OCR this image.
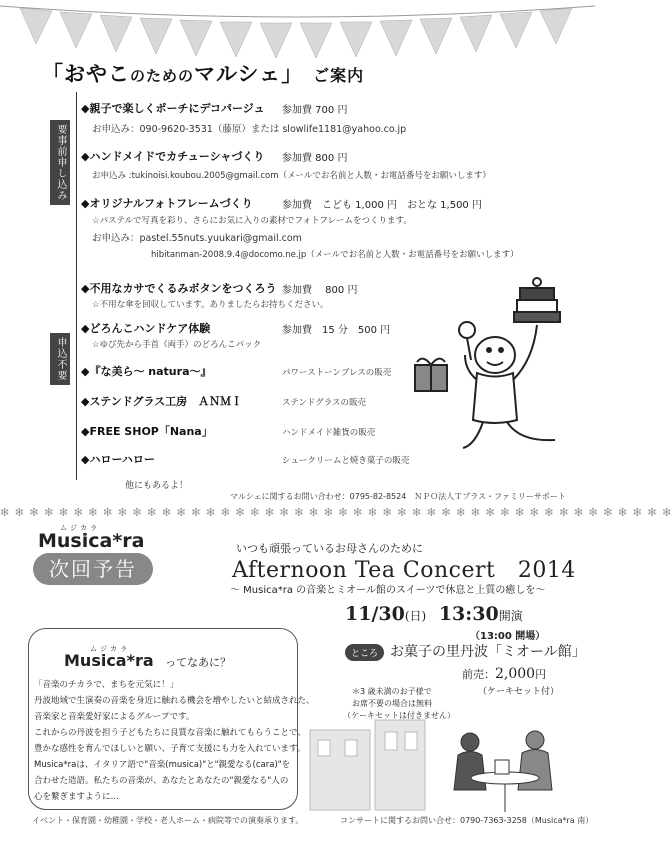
「おやこのためのマルシェ」 ご案内
要事前申し込み
申込不要
◆ 親子で楽しくポーチにデコパージュ 参加費 700 円
お申込み：090-9620-3531（藤原）または slowlife1181@yahoo.co.jp
◆ ハンドメイドでカチューシャづくり 参加費 800 円
お申込み :tukinoisi.koubou.2005@gmail.com（メールでお名前と人数・お電話番号をお願いします）
◆ オリジナルフォトフレームづくり	参加費　こども 1,000 円　おとな 1,500 円
☆パステルで写真を彩り、さらにお気に入りの素材でフォトフレームをつくります。
お申込み：pastel.55nuts.yuukari@gmail.com
hibitanman-2008.9.4@docomo.ne.jp（メールでお名前と人数・お電話番号をお願いします）
◆ 不用なカサでくるみボタンをつくろう 参加費　 800 円
☆不用な傘を回収しています。ありましたらお持ちください。
◆ どろんこハンドケア体験	参加費　15 分　500 円
☆ゆび先から手首（両手）のどろんこパック
◆ 『な美ら～ natura～』	パワーストーンブレスの販売
◆ ステンドグラス工房　ＡＮＭＩ	ステンドグラスの販売
◆ FREE SHOP「Nana」	ハンドメイド雑貨の販売
◆ ハローハロー	シュークリームと焼き菓子の販売
他にもあるよ！
マルシェに関するお問い合わせ：0795-82-8524　ＮＰＯ法人Ｔプラス・ファミリーサポート
✻ ✻ ✻ ✻ ✻ ✻ ✻ ✻ ✻ ✻ ✻ ✻ ✻ ✻ ✻ ✻ ✻ ✻ ✻ ✻ ✻ ✻ ✻ ✻ ✻ ✻ ✻ ✻ ✻ ✻ ✻ ✻ ✻ ✻ ✻ ✻ ✻ ✻ ✻ ✻ ✻ ✻ ✻ ✻ ✻ ✻
ムジカラ
Musica*ra
次回予告
いつも頑張っているお母さんのために
Afternoon Tea Concert　2014
～ Musica*ra の音楽とミオール館のスイーツで休息と上質の癒しを～
11/30(日) 13:30開演
（13:00 開場）
ところ お菓子の里丹波「ミオール館」
前売：2,000円
（ケーキセット付）
＊3 歳未満のお子様で
お席不要の場合は無料
（ケーキセットは付きません）
ムジカラ
Musica*ra ってなあに？
「音楽のチカラで、まちを元気に！」
丹波地域で生演奏の音楽を身近に触れる機会を増やしたいと結成された、
音楽家と音楽愛好家によるグループです。
これからの丹波を担う子どもたちに良質な音楽に触れてもらうことで、
豊かな感性を育んでほしいと願い、子育て支援にも力を入れています。
Musica*raは、イタリア語で"音楽(musica)"と"親愛なる(cara)"を
合わせた造語。私たちの音楽が、あなたとあなたの"親愛なる"人の
心を繋ぎますように…
イベント・保育園・幼稚園・学校・老人ホーム・病院等での演奏承ります。	コンサートに関するお問い合せ：0790-7363-3258（Musica*ra 南）
